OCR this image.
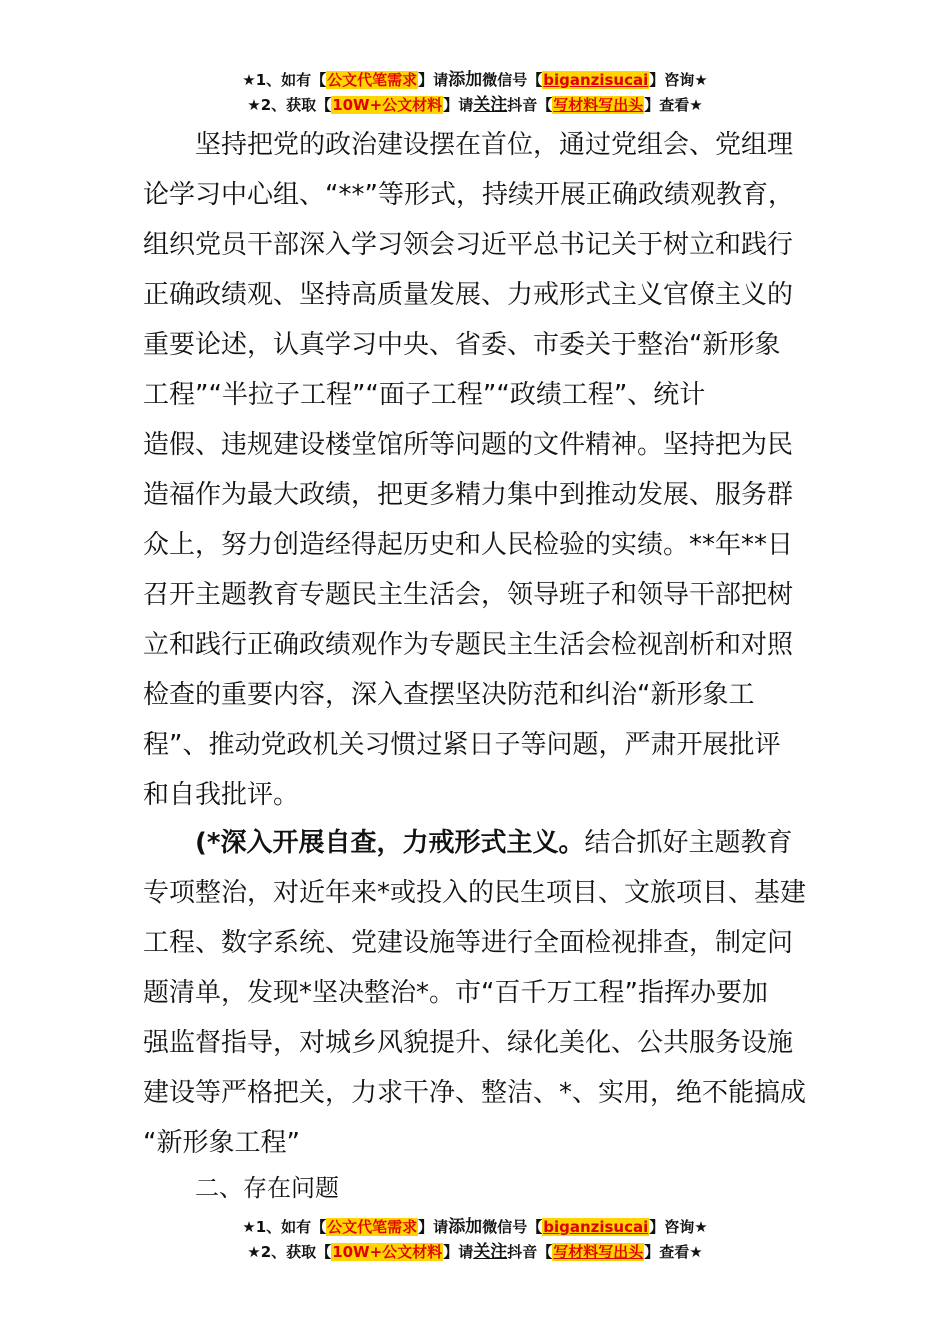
★1、如有【公文代笔需求】请添加微信号【biganzisucai】咨询★
★2、获取【10W+公文材料】请关注抖音【写材料写出头】查看★
　　坚持把党的政治建设摆在首位，通过党组会、党组理
论学习中心组、“**”等形式，持续开展正确政绩观教育，
组织党员干部深入学习领会习近平总书记关于树立和践行
正确政绩观、坚持高质量发展、力戒形式主义官僚主义的
重要论述，认真学习中央、省委、市委关于整治“新形象
工程”“半拉子工程”“面子工程”“政绩工程”、统计
造假、违规建设楼堂馆所等问题的文件精神。坚持把为民
造福作为最大政绩，把更多精力集中到推动发展、服务群
众上，努力创造经得起历史和人民检验的实绩。**年**日
召开主题教育专题民主生活会，领导班子和领导干部把树
立和践行正确政绩观作为专题民主生活会检视剖析和对照
检查的重要内容，深入查摆坚决防范和纠治“新形象工
程”、推动党政机关习惯过紧日子等问题，严肃开展批评
和自我批评。
　　(*深入开展自查，力戒形式主义。结合抓好主题教育
专项整治，对近年来*或投入的民生项目、文旅项目、基建
工程、数字系统、党建设施等进行全面检视排查，制定问
题清单，发现*坚决整治*。市“百千万工程”指挥办要加
强监督指导，对城乡风貌提升、绿化美化、公共服务设施
建设等严格把关，力求干净、整洁、*、实用，绝不能搞成
“新形象工程”
二、存在问题
★1、如有【公文代笔需求】请添加微信号【biganzisucai】咨询★
★2、获取【10W+公文材料】请关注抖音【写材料写出头】查看★
